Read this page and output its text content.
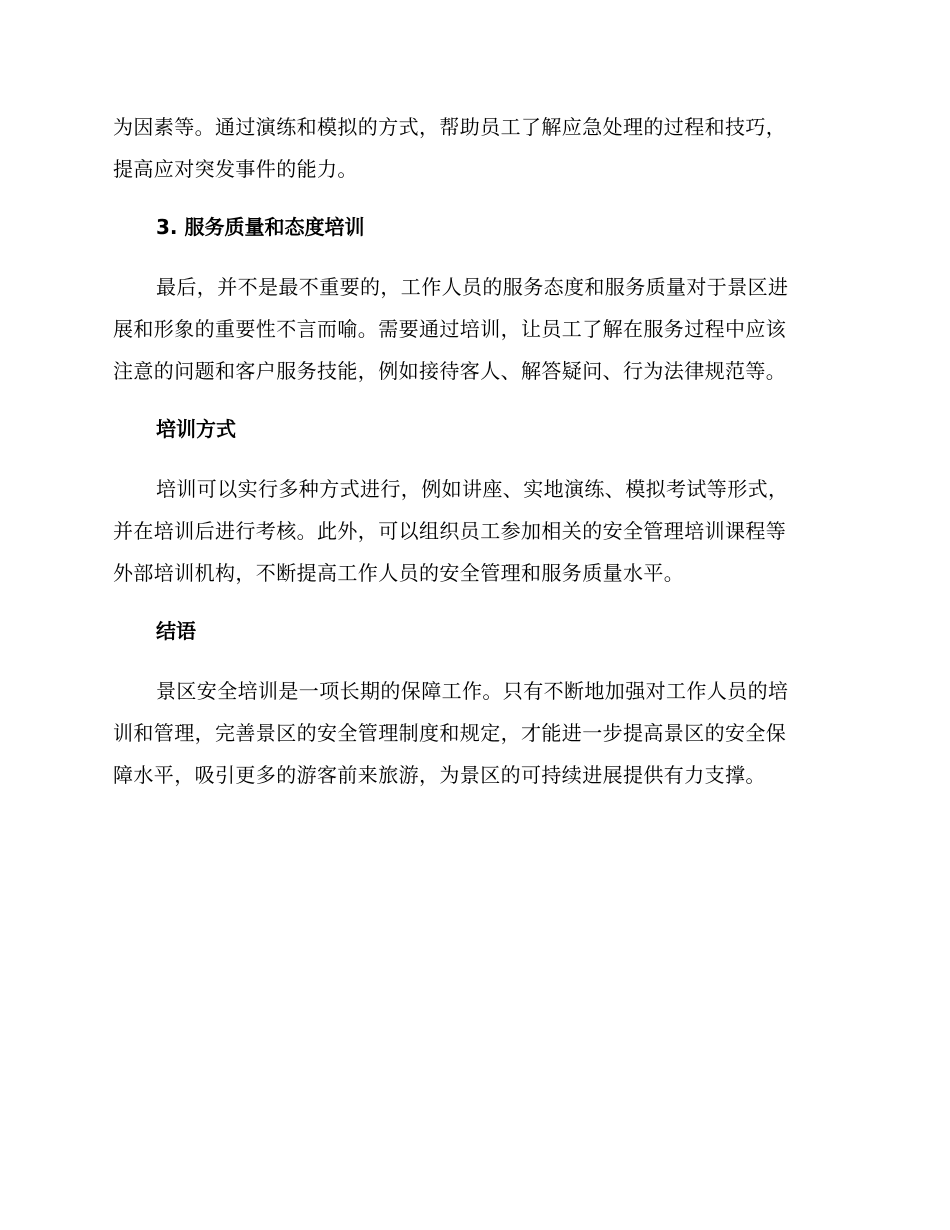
为因素等。通过演练和模拟的方式，帮助员工了解应急处理的过程和技巧，
提高应对突发事件的能力。

3. 服务质量和态度培训

最后，并不是最不重要的，工作人员的服务态度和服务质量对于景区进
展和形象的重要性不言而喻。需要通过培训，让员工了解在服务过程中应该
注意的问题和客户服务技能，例如接待客人、解答疑问、行为法律规范等。

培训方式

培训可以实行多种方式进行，例如讲座、实地演练、模拟考试等形式，
并在培训后进行考核。此外，可以组织员工参加相关的安全管理培训课程等
外部培训机构，不断提高工作人员的安全管理和服务质量水平。

结语

景区安全培训是一项长期的保障工作。只有不断地加强对工作人员的培
训和管理，完善景区的安全管理制度和规定，才能进一步提高景区的安全保
障水平，吸引更多的游客前来旅游，为景区的可持续进展提供有力支撑。
